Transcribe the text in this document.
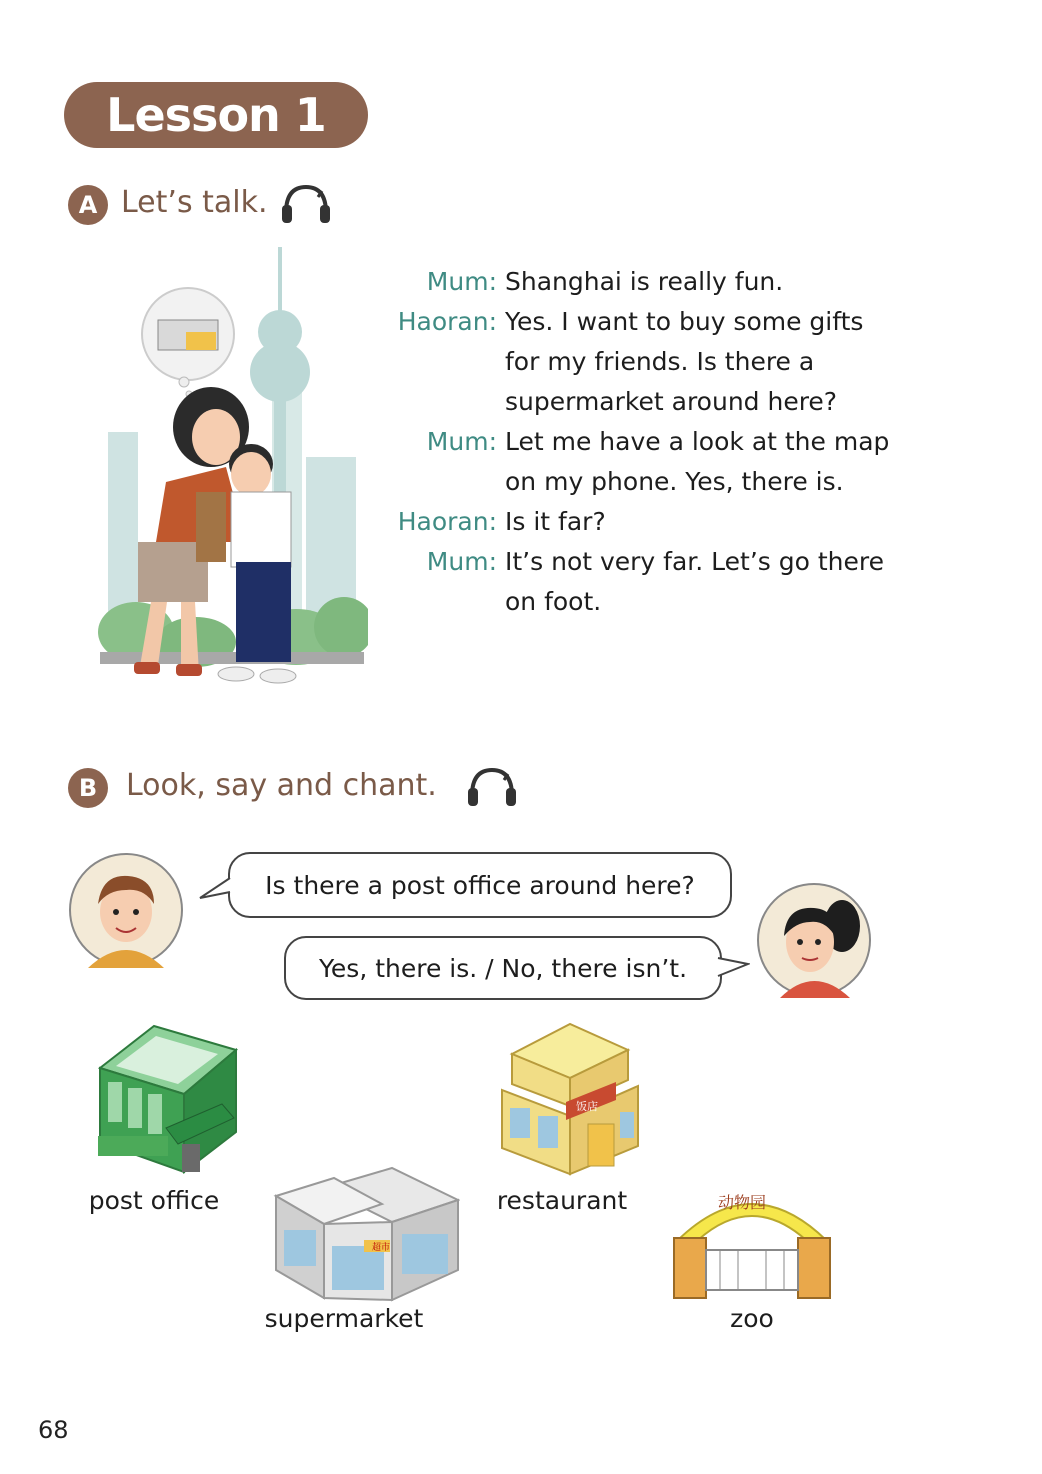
Lesson 1
A Let’s talk.
Mum: Shanghai is really fun.
Haoran: Yes. I want to buy some gifts for my friends. Is there a supermarket around here?
Mum: Let me have a look at the map on my phone. Yes, there is.
Haoran: Is it far?
Mum: It’s not very far. Let’s go there on foot.
B Look, say and chant.
Is there a post office around here?
Yes, there is. / No, there isn’t.
post office
超市
supermarket
饭店
restaurant	动物园
zoo
68
